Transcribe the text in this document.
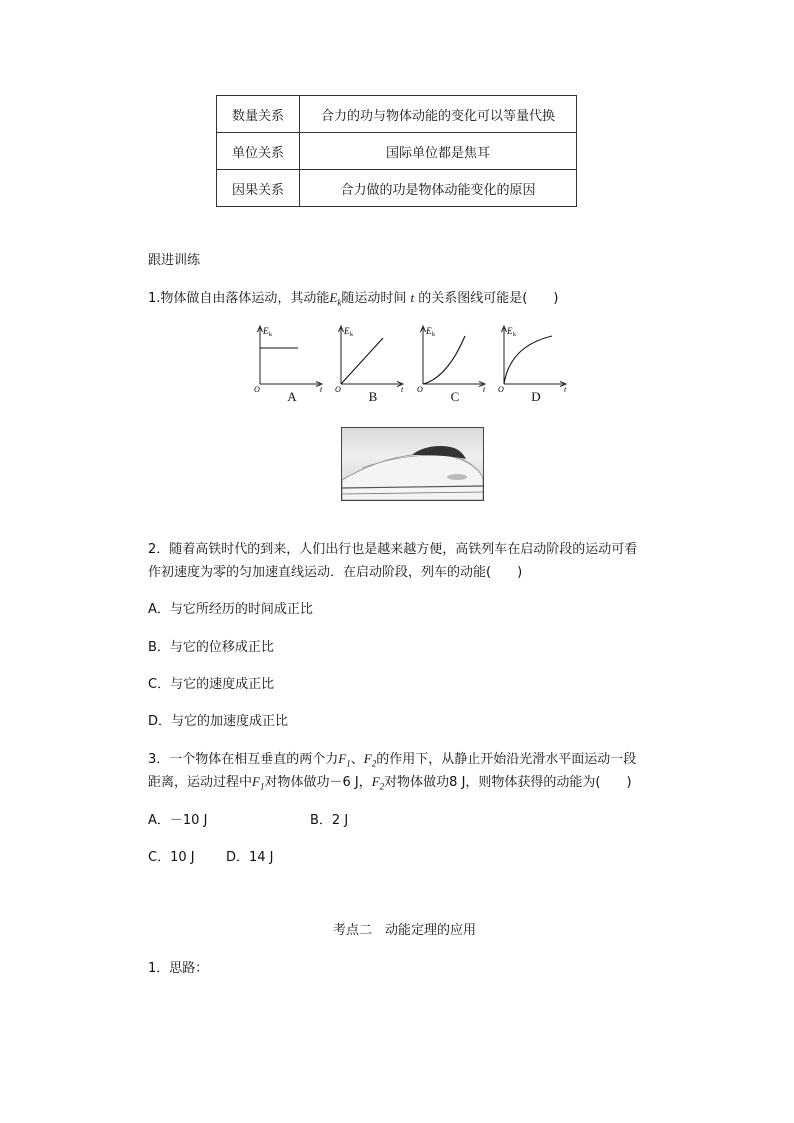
数量关系	合力的功与物体动能的变化可以等量代换
单位关系	国际单位都是焦耳
因果关系	合力做的功是物体动能变化的原因
跟进训练
1.物体做自由落体运动，其动能$E_k$随运动时间 t 的关系图线可能是(　　)
E k
O	t
A
E k
O	t
B
E k
O	t
C
E k
O	t
D
2．随着高铁时代的到来，人们出行也是越来越方便，高铁列车在启动阶段的运动可看
作初速度为零的匀加速直线运动．在启动阶段，列车的动能(　　)
A．与它所经历的时间成正比
B．与它的位移成正比
C．与它的速度成正比
D．与它的加速度成正比
3．一个物体在相互垂直的两个力$F_1$、$F_2$的作用下，从静止开始沿光滑水平面运动一段
距离，运动过程中$F_1$对物体做功－6 J，$F_2$对物体做功8 J，则物体获得的动能为(　　)
A．－10 J	B．2 J
C．10 J D．14 J
考点二　动能定理的应用
1．思路：
